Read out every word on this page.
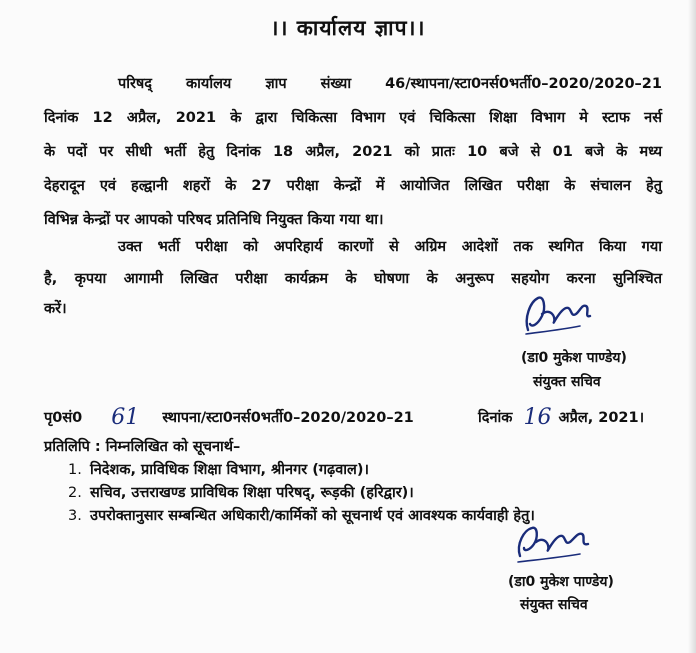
।। कार्यालय ज्ञाप।।
परिषद् कार्यालय ज्ञाप संख्या 46/स्थापना/स्टा0नर्स0भर्ती0–2020/2020–21
दिनांक 12 अप्रैल, 2021 के द्वारा चिकित्सा विभाग एवं चिकित्सा शिक्षा विभाग मे स्टाफ नर्स
के पदों पर सीधी भर्ती हेतु दिनांक 18 अप्रैल, 2021 को प्रातः 10 बजे से 01 बजे के मध्य
देहरादून एवं हल्द्वानी शहरों के 27 परीक्षा केन्द्रों में आयोजित लिखित परीक्षा के संचालन हेतु
विभिन्न केन्द्रों पर आपको परिषद प्रतिनिधि नियुक्त किया गया था।
उक्त भर्ती परीक्षा को अपरिहार्य कारणों से अग्रिम आदेशों तक स्थगित किया गया
है, कृपया आगामी लिखित परीक्षा कार्यक्रम के घोषणा के अनुरूप सहयोग करना सुनिश्चित
करें।
(डा0 मुकेश पाण्डेय)
संयुक्त सचिव
पृ0सं0 61 स्थापना/स्टा0नर्स0भर्ती0–2020/2020–21	दिनांक 16 अप्रैल, 2021।
प्रतिलिपि : निम्नलिखित को सूचनार्थ–
1. निदेशक, प्राविधिक शिक्षा विभाग, श्रीनगर (गढ़वाल)।
2. सचिव, उत्तराखण्ड प्राविधिक शिक्षा परिषद्, रूड़की (हरिद्वार)।
3. उपरोक्तानुसार सम्बन्धित अधिकारी/कार्मिकों को सूचनार्थ एवं आवश्यक कार्यवाही हेतु।
(डा0 मुकेश पाण्डेय)
संयुक्त सचिव
